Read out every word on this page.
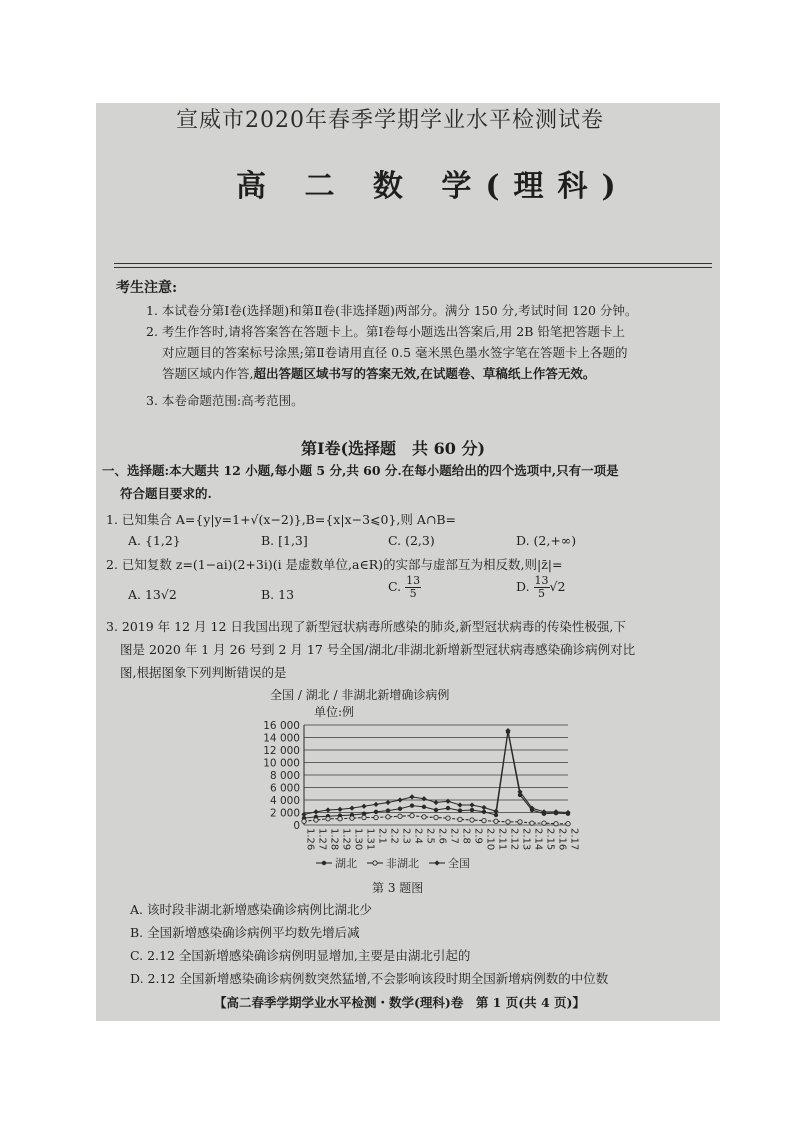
宣威市2020年春季学期学业水平检测试卷
高 二 数 学(理科)
考生注意:
1. 本试卷分第Ⅰ卷(选择题)和第Ⅱ卷(非选择题)两部分。满分 150 分,考试时间 120 分钟。
2. 考生作答时,请将答案答在答题卡上。第Ⅰ卷每小题选出答案后,用 2B 铅笔把答题卡上
对应题目的答案标号涂黑;第Ⅱ卷请用直径 0.5 毫米黑色墨水签字笔在答题卡上各题的
答题区域内作答,超出答题区域书写的答案无效,在试题卷、草稿纸上作答无效。
3. 本卷命题范围:高考范围。
第Ⅰ卷(选择题　共 60 分)
一、选择题:本大题共 12 小题,每小题 5 分,共 60 分.在每小题给出的四个选项中,只有一项是
符合题目要求的.
1. 已知集合 A={y|y=1+√(x−2)},B={x|x−3⩽0},则 A∩B=
A. {1,2}	B. [1,3]	C. (2,3)	D. (2,+∞)
2. 已知复数 z=(1−ai)(2+3i)(i 是虚数单位,a∈R)的实部与虚部互为相反数,则|z̄|=
A. 13√2	B. 13
C. $\frac{13}{5}$	D. $\frac{13}{5} √2$
3. 2019 年 12 月 12 日我国出现了新型冠状病毒所感染的肺炎,新型冠状病毒的传染性极强,下
图是 2020 年 1 月 26 号到 2 月 17 号全国/湖北/非湖北新增新型冠状病毒感染确诊病例对比
图,根据图象下列判断错误的是
全国 / 湖北 / 非湖北新增确诊病例
单位:例
0
2 000
4 000
6 000
8 000
10 000
12 000
14 000
16 000
1.26 1.27 1.28 1.29 1.30 1.31 2.1 2.2 2.3 2.4 2.5 2.6 2.7 2.8 2.9 2.10 2.11 2.12 2.13 2.14 2.15 2.16 2.17
湖北	非湖北	全国
第 3 题图
A. 该时段非湖北新增感染确诊病例比湖北少
B. 全国新增感染确诊病例平均数先增后减
C. 2.12 全国新增感染确诊病例明显增加,主要是由湖北引起的
D. 2.12 全国新增感染确诊病例数突然猛增,不会影响该段时期全国新增病例数的中位数
【高二春季学期学业水平检测・数学(理科)卷　第 1 页(共 4 页)】
